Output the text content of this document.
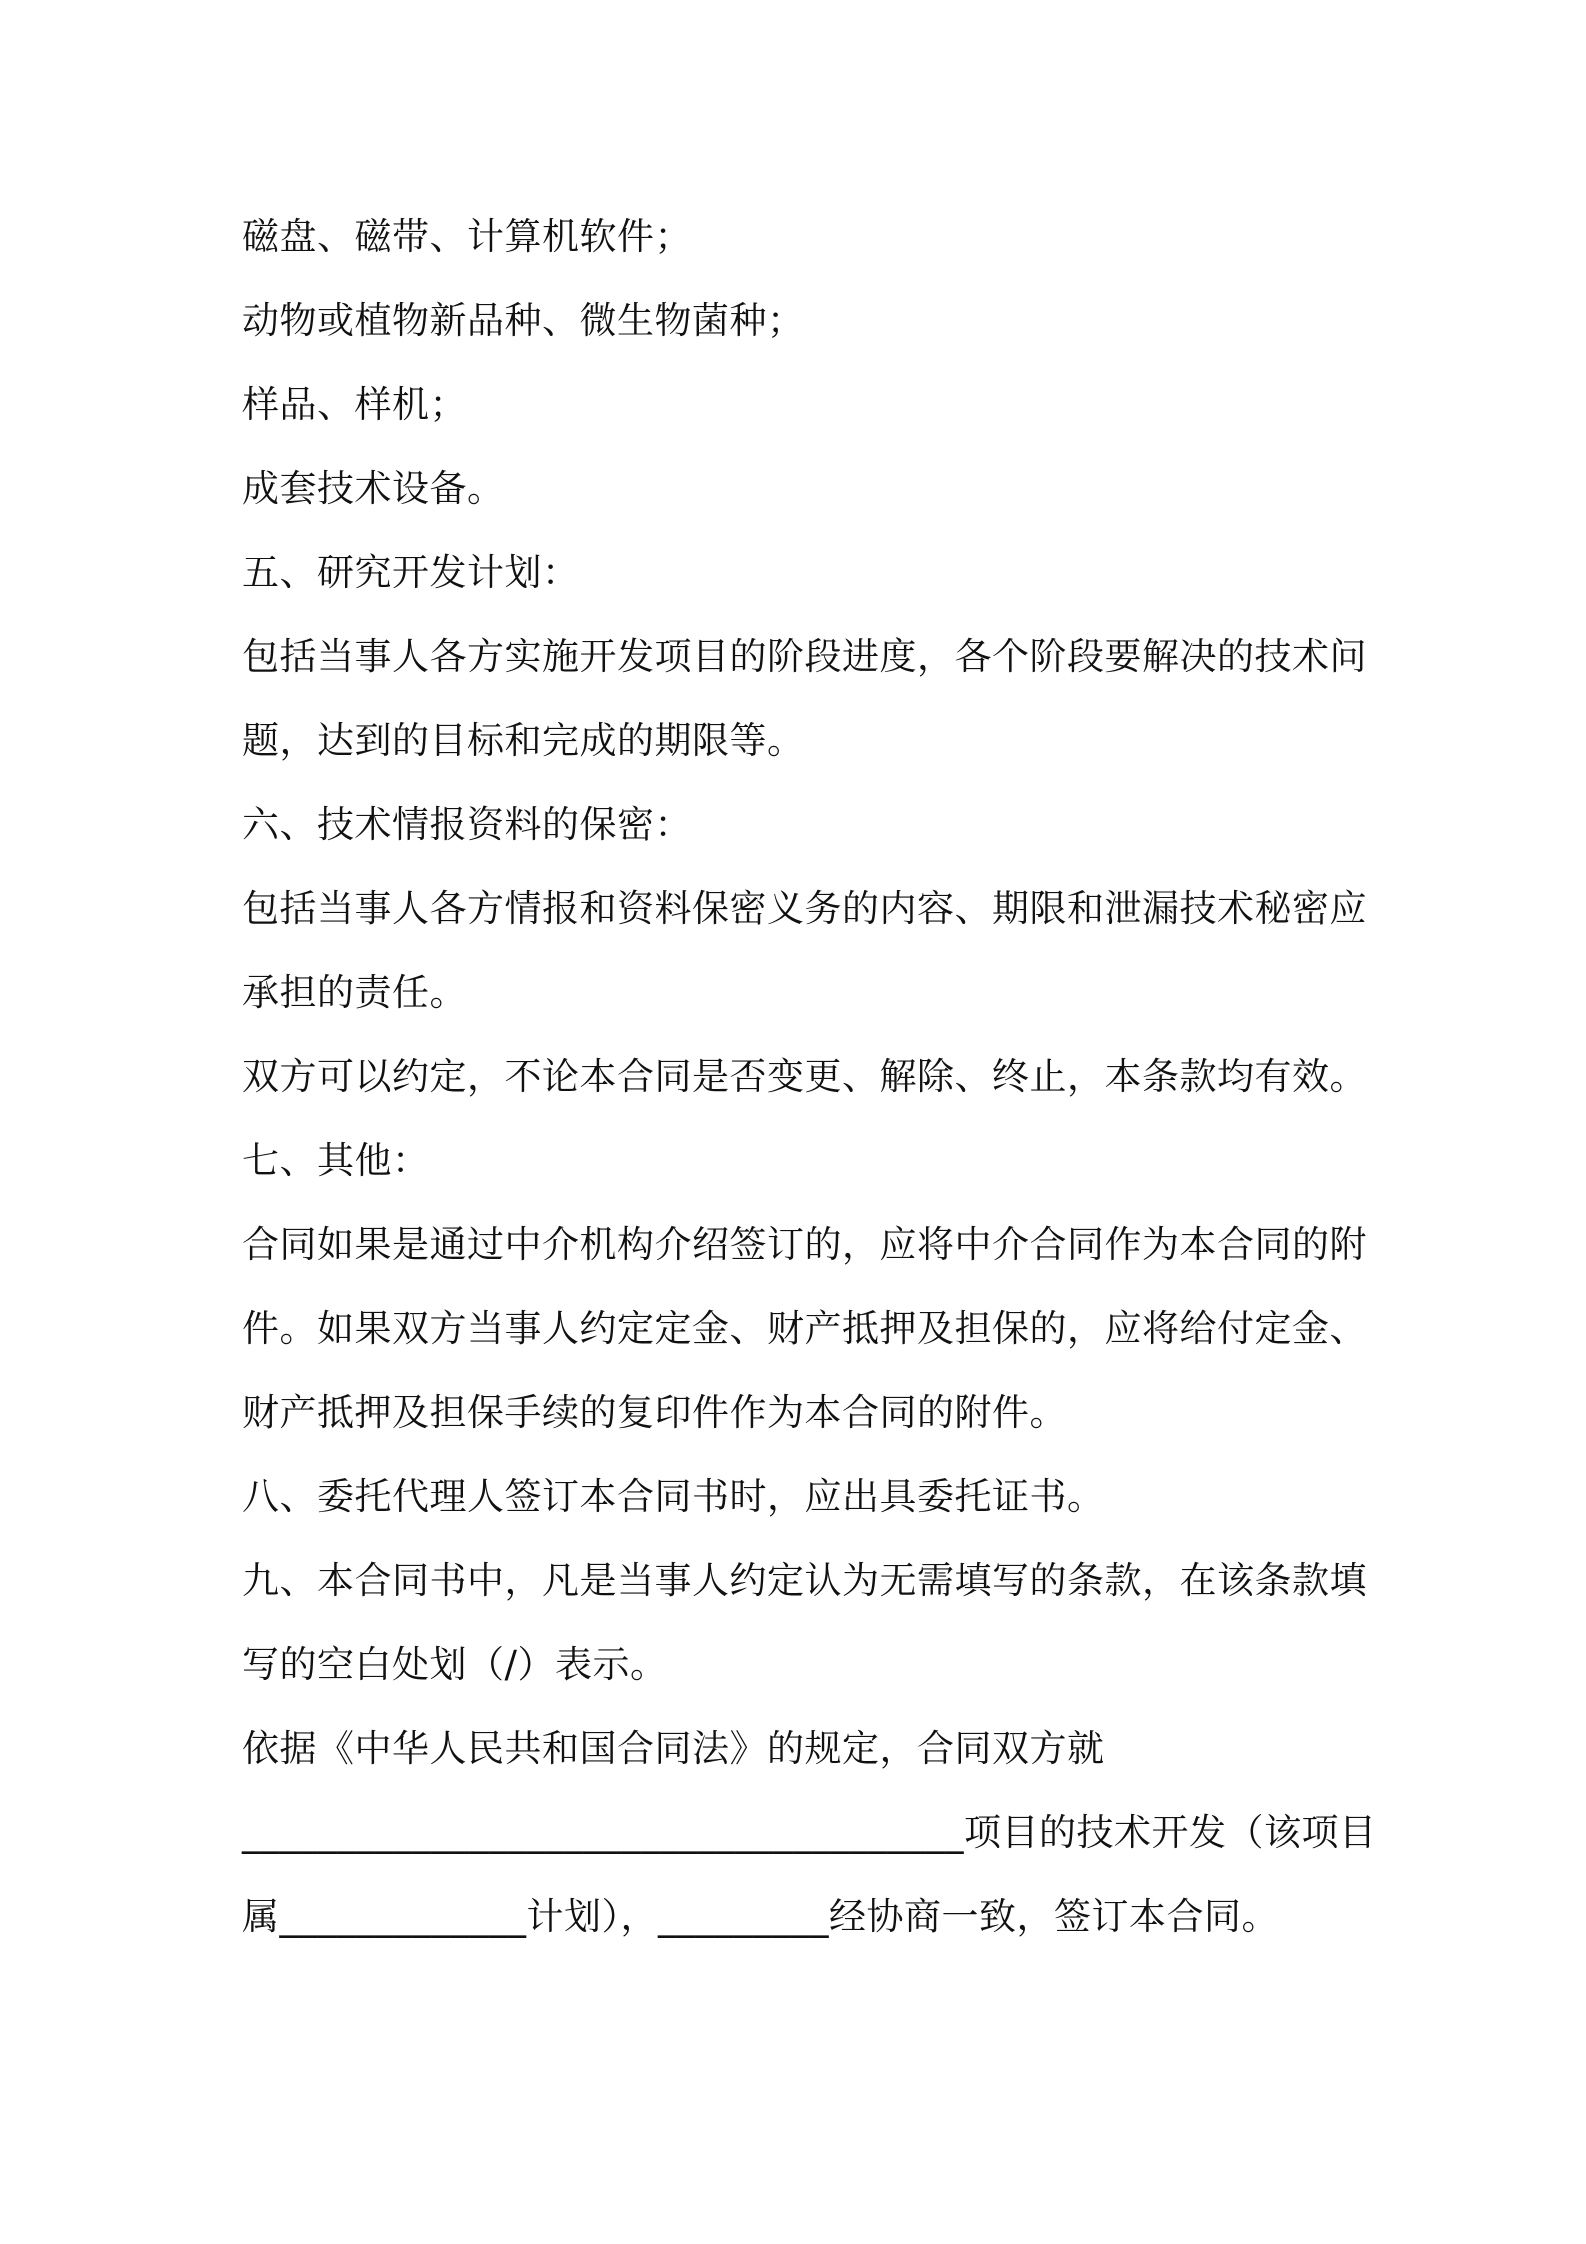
磁盘、磁带、计算机软件；
动物或植物新品种、微生物菌种；
样品、样机；
成套技术设备。
五、研究开发计划：
包括当事人各方实施开发项目的阶段进度，各个阶段要解决的技术问
题，达到的目标和完成的期限等。
六、技术情报资料的保密：
包括当事人各方情报和资料保密义务的内容、期限和泄漏技术秘密应
承担的责任。
双方可以约定，不论本合同是否变更、解除、终止，本条款均有效。
七、其他：
合同如果是通过中介机构介绍签订的，应将中介合同作为本合同的附
件。如果双方当事人约定定金、财产抵押及担保的，应将给付定金、
财产抵押及担保手续的复印件作为本合同的附件。
八、委托代理人签订本合同书时，应出具委托证书。
九、本合同书中，凡是当事人约定认为无需填写的条款，在该条款填
写的空白处划（/）表示。
依据《中华人民共和国合同法》的规定，合同双方就
______________________________________项目的技术开发（该项目
属_____________计划），_________经协商一致，签订本合同。
